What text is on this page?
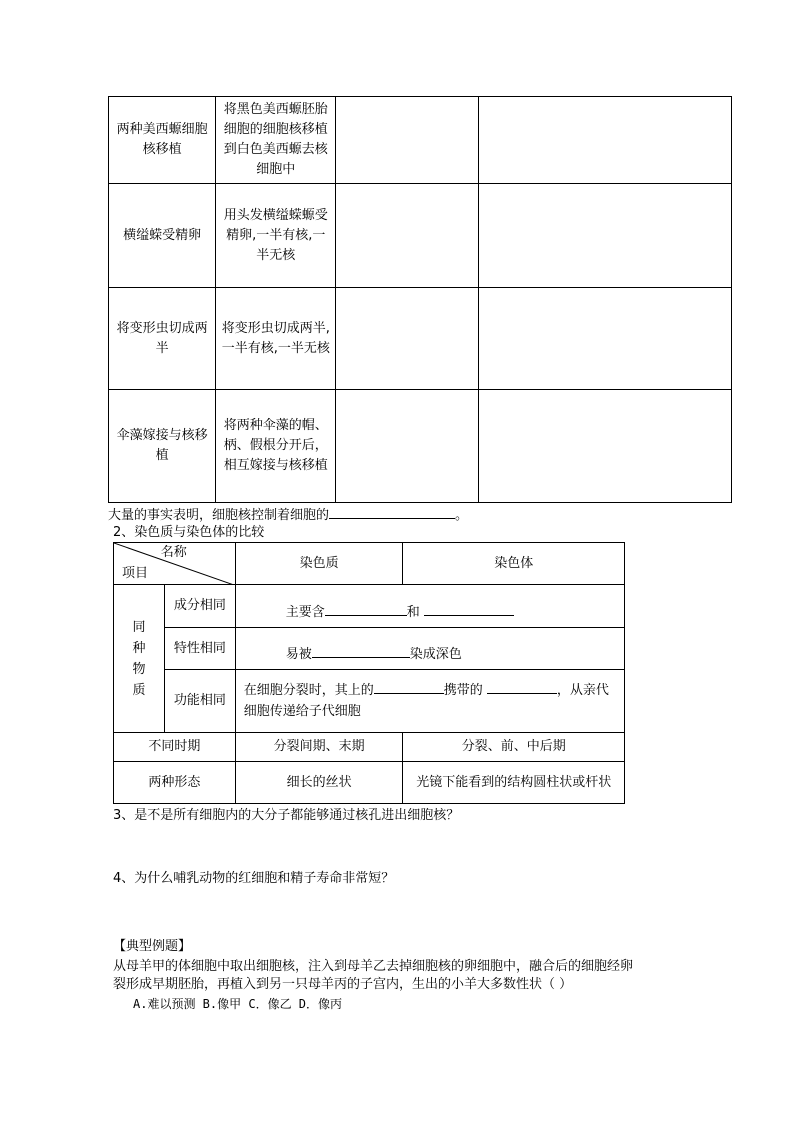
两种美西螈细胞核移植	将黑色美西螈胚胎细胞的细胞核移植到白色美西螈去核细胞中		
横缢蝾受精卵	用头发横缢蝾螈受精卵,一半有核,一半无核		
将变形虫切成两半	将变形虫切成两半, 一半有核,一半无核		
伞藻嫁接与核移植	将两种伞藻的帽、柄、假根分开后，相互嫁接与核移植		
大量的事实表明，细胞核控制着细胞的	。
2、染色质与染色体的比较
名称
项目		染色质	染色体
同种物质	成分相同	主要含 和	
	特性相同	易被 染成深色	
	功能相同	在细胞分裂时，其上的 携带的 ，从亲代细胞传递给子代细胞	
不同时期		分裂间期、末期	分裂、前、中后期
两种形态		细长的丝状	光镜下能看到的结构圆柱状或杆状
3、是不是所有细胞内的大分子都能够通过核孔进出细胞核？
4、为什么哺乳动物的红细胞和精子寿命非常短？
【典型例题】
从母羊甲的体细胞中取出细胞核，注入到母羊乙去掉细胞核的卵细胞中，融合后的细胞经卵
裂形成早期胚胎，再植入到另一只母羊丙的子宫内，生出的小羊大多数性状（ ）
A.难以预测 B.像甲 C．像乙 D．像丙
